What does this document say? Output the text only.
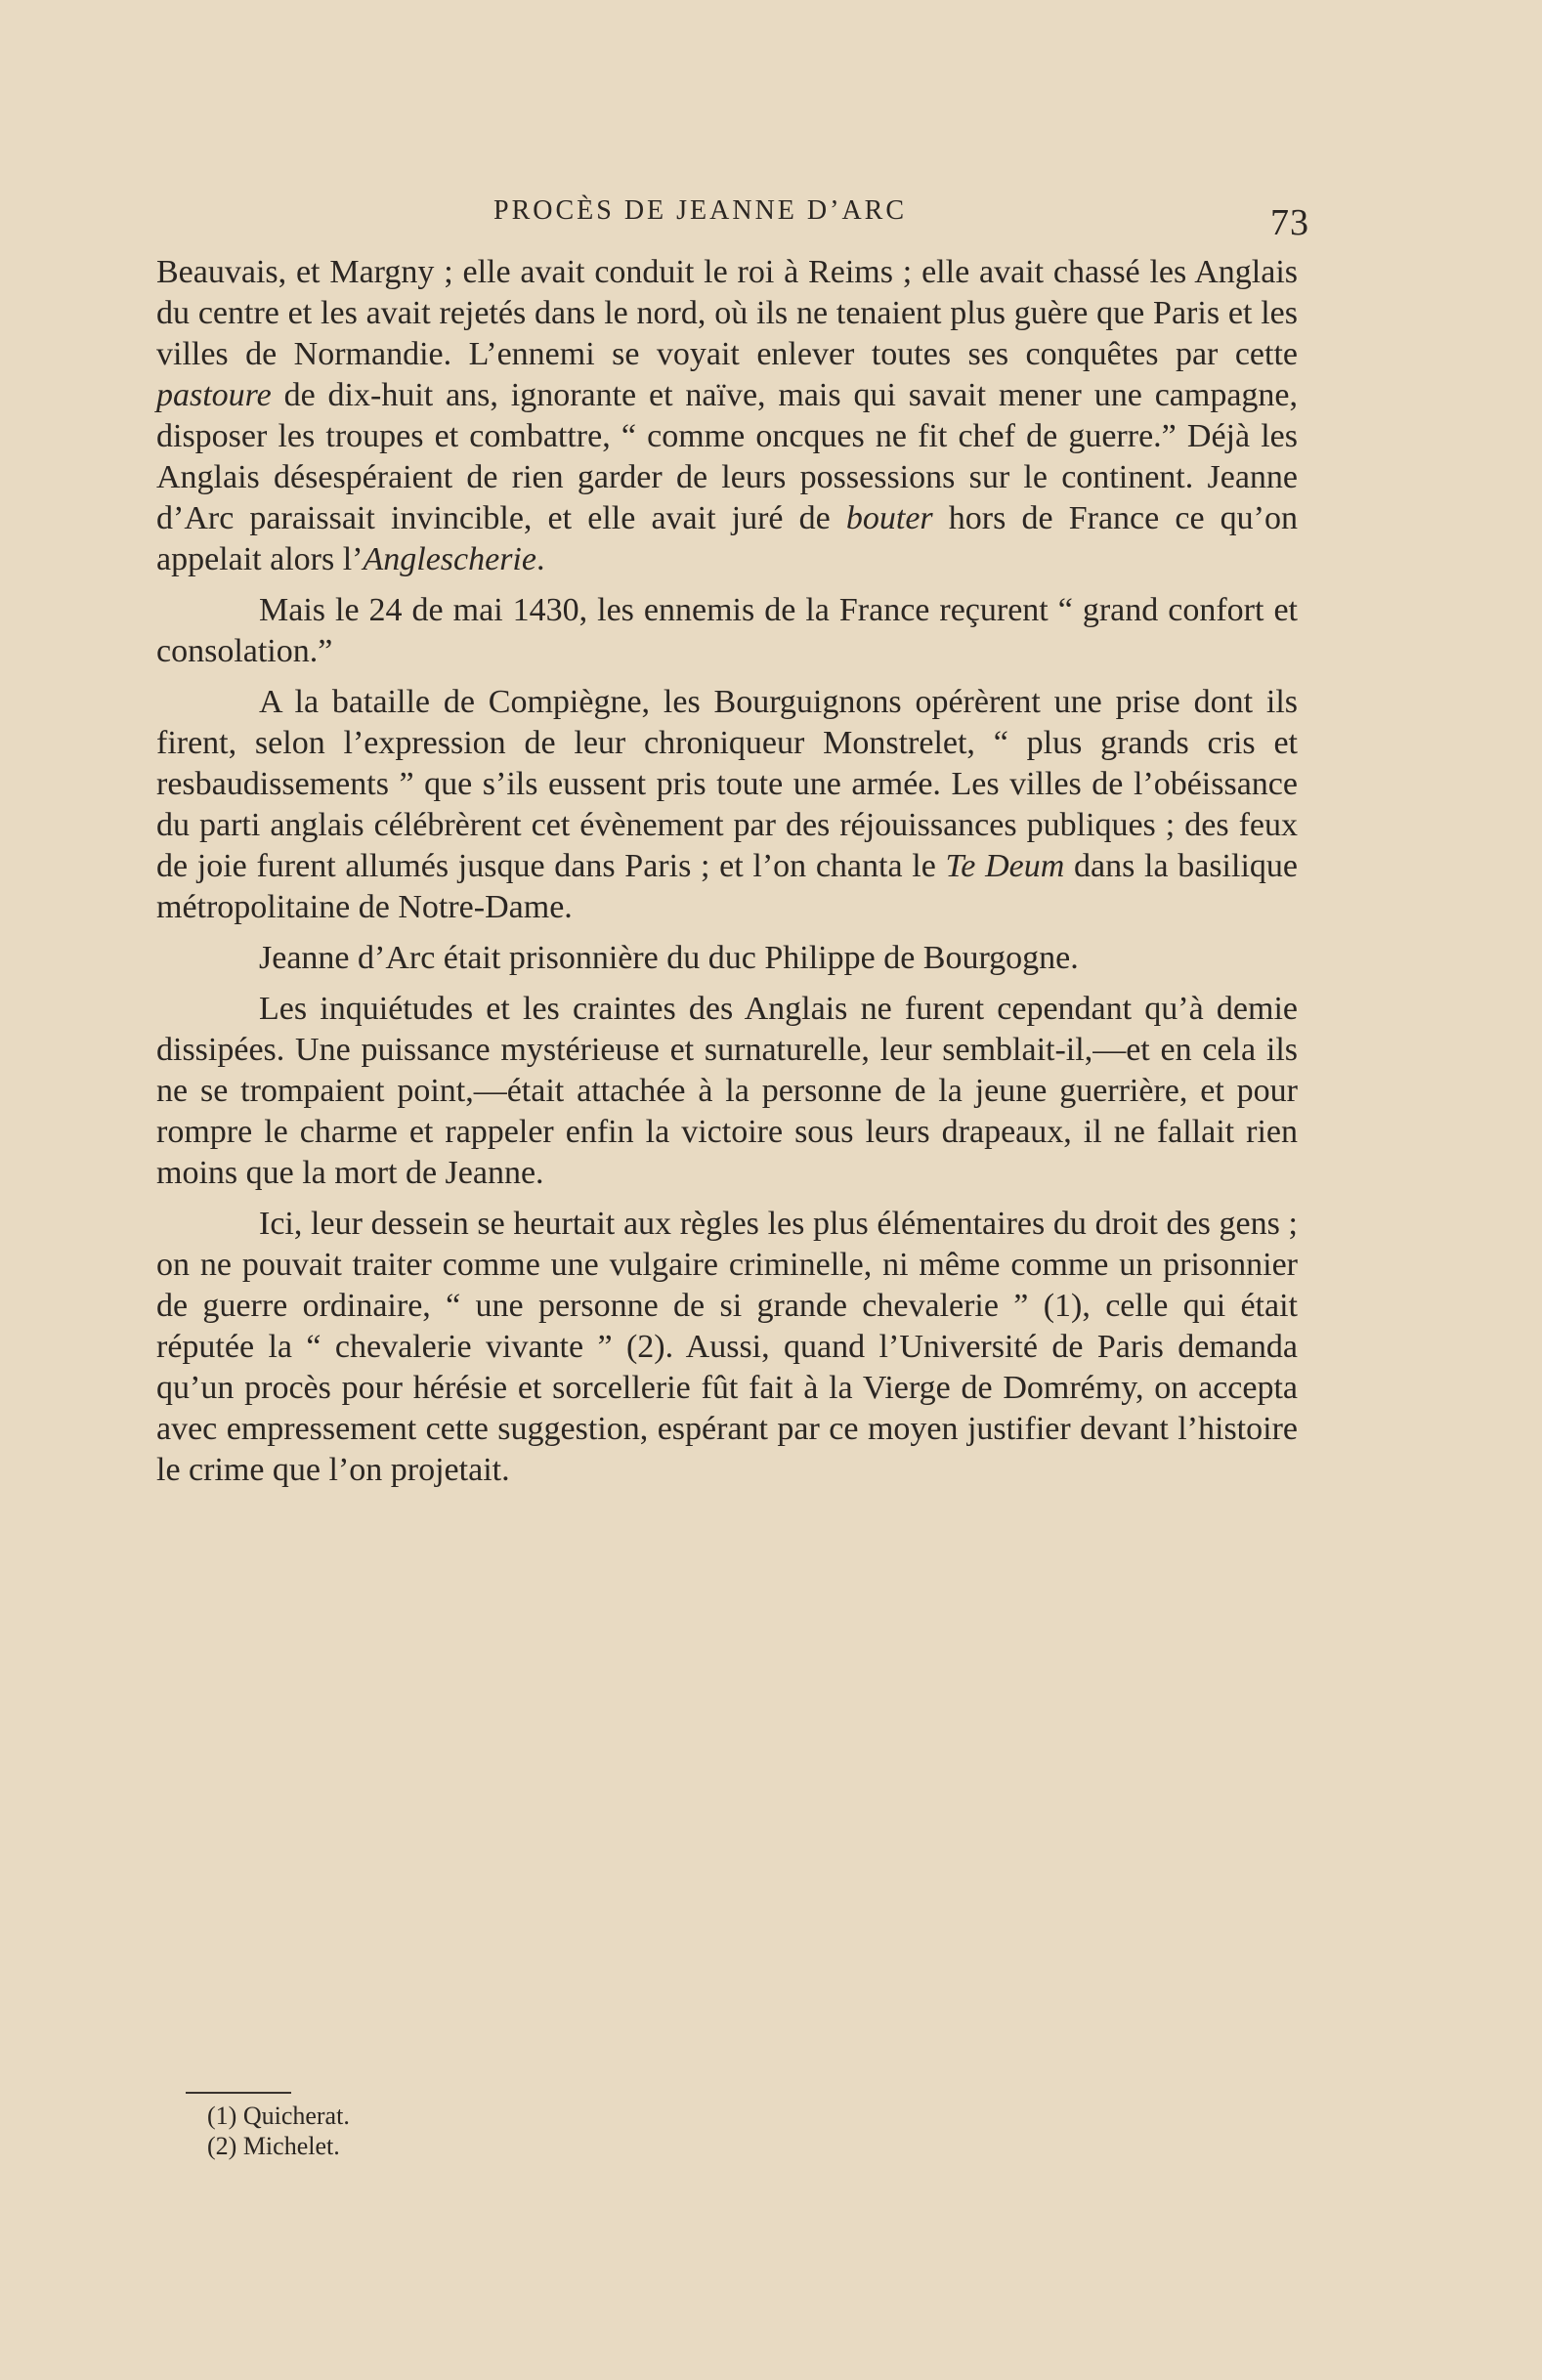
PROCÈS DE JEANNE D’ARC	73

Beauvais, et Margny ; elle avait conduit le roi à Reims ; elle avait chassé les Anglais du centre et les avait rejetés dans le nord, où ils ne tenaient plus guère que Paris et les villes de Normandie. L’ennemi se voyait enlever toutes ses conquêtes par cette pastoure de dix-huit ans, ignorante et naïve, mais qui savait mener une campagne, disposer les troupes et combattre, “ comme oncques ne fit chef de guerre.” Déjà les Anglais désespéraient de rien garder de leurs possessions sur le continent. Jeanne d’Arc paraissait invincible, et elle avait juré de bouter hors de France ce qu’on appelait alors l’Anglescherie.

Mais le 24 de mai 1430, les ennemis de la France reçurent “ grand confort et consolation.”

A la bataille de Compiègne, les Bourguignons opérèrent une prise dont ils firent, selon l’expression de leur chroniqueur Monstrelet, “ plus grands cris et resbaudissements ” que s’ils eussent pris toute une armée. Les villes de l’obéissance du parti anglais célébrèrent cet évènement par des réjouissances publiques ; des feux de joie furent allumés jusque dans Paris ; et l’on chanta le Te Deum dans la basilique métropolitaine de Notre-Dame.

Jeanne d’Arc était prisonnière du duc Philippe de Bourgogne.

Les inquiétudes et les craintes des Anglais ne furent cependant qu’à demie dissipées. Une puissance mystérieuse et surnaturelle, leur semblait-il,—et en cela ils ne se trompaient point,—était attachée à la personne de la jeune guerrière, et pour rompre le charme et rappeler enfin la victoire sous leurs drapeaux, il ne fallait rien moins que la mort de Jeanne.

Ici, leur dessein se heurtait aux règles les plus élémentaires du droit des gens ; on ne pouvait traiter comme une vulgaire criminelle, ni même comme un prisonnier de guerre ordinaire, “ une personne de si grande chevalerie ” (1), celle qui était réputée la “ chevalerie vivante ” (2). Aussi, quand l’Université de Paris demanda qu’un procès pour hérésie et sorcellerie fût fait à la Vierge de Domrémy, on accepta avec empressement cette suggestion, espérant par ce moyen justifier devant l’histoire le crime que l’on projetait.

(1) Quicherat.
(2) Michelet.
